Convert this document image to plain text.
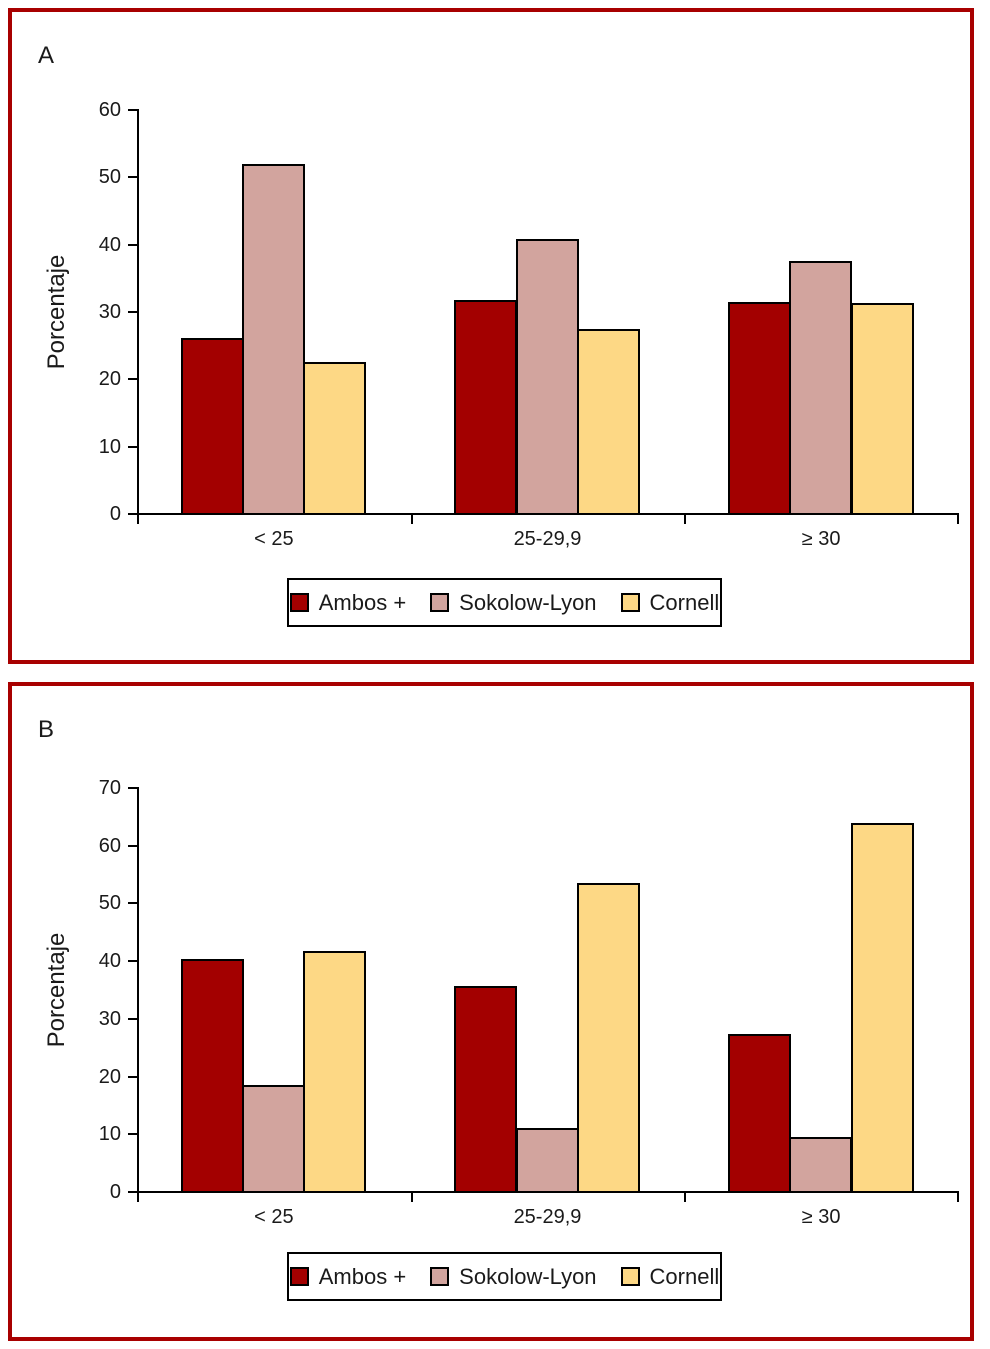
A
Porcentaje
0
10
20
30
40
50
60
< 25	25-29,9	≥ 30
Ambos + Sokolow-Lyon Cornell
B
Porcentaje
0
10
20
30
40
50
60
70
< 25	25-29,9	≥ 30
Ambos + Sokolow-Lyon Cornell
